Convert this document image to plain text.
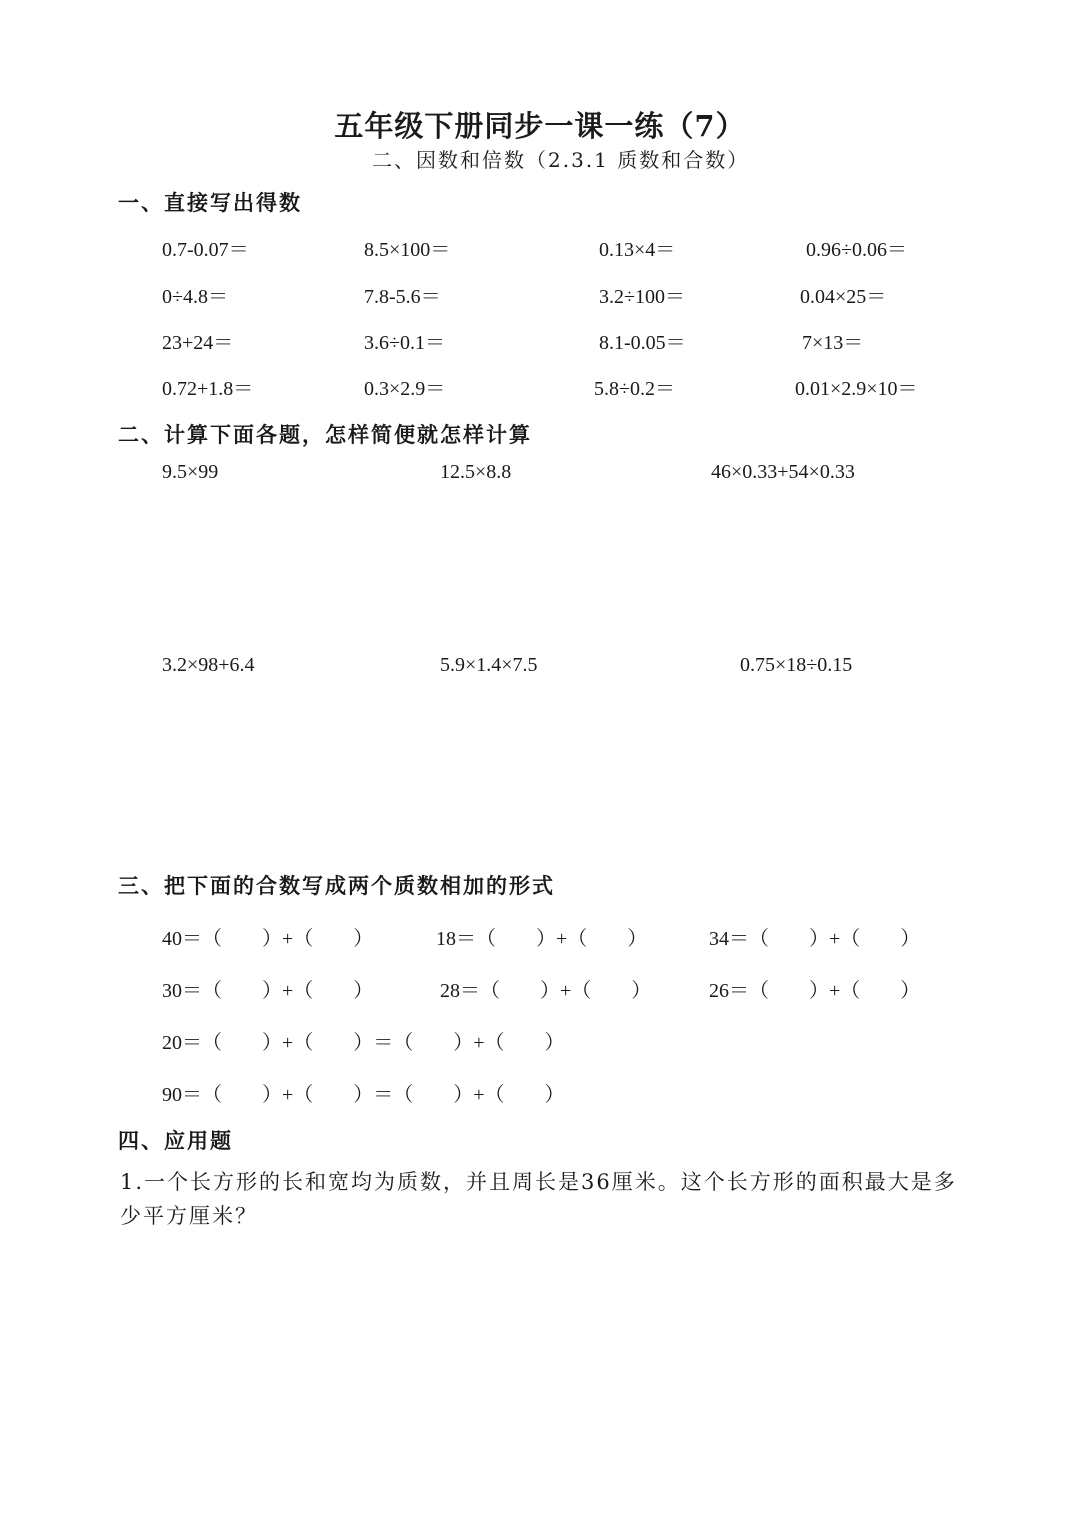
五年级下册同步一课一练（7）
二、因数和倍数（2.3.1 质数和合数）
一、直接写出得数
0.7-0.07＝	8.5×100＝	0.13×4＝	0.96÷0.06＝
0÷4.8＝	7.8-5.6＝	3.2÷100＝	0.04×25＝
23+24＝	3.6÷0.1＝	8.1-0.05＝	7×13＝
0.72+1.8＝	0.3×2.9＝	5.8÷0.2＝	0.01×2.9×10＝
二、计算下面各题，怎样简便就怎样计算
9.5×99	12.5×8.8	46×0.33+54×0.33
3.2×98+6.4	5.9×1.4×7.5	0.75×18÷0.15
三、把下面的合数写成两个质数相加的形式
40＝（　　）+（　　）	18＝（　　）+（　　）	34＝（　　）+（　　）
30＝（　　）+（　　）	28＝（　　）+（　　）	26＝（　　）+（　　）
20＝（　　）+（　　）＝（　　）+（　　）
90＝（　　）+（　　）＝（　　）+（　　）
四、应用题
1.一个长方形的长和宽均为质数，并且周长是36厘米。这个长方形的面积最大是多少平方厘米？
